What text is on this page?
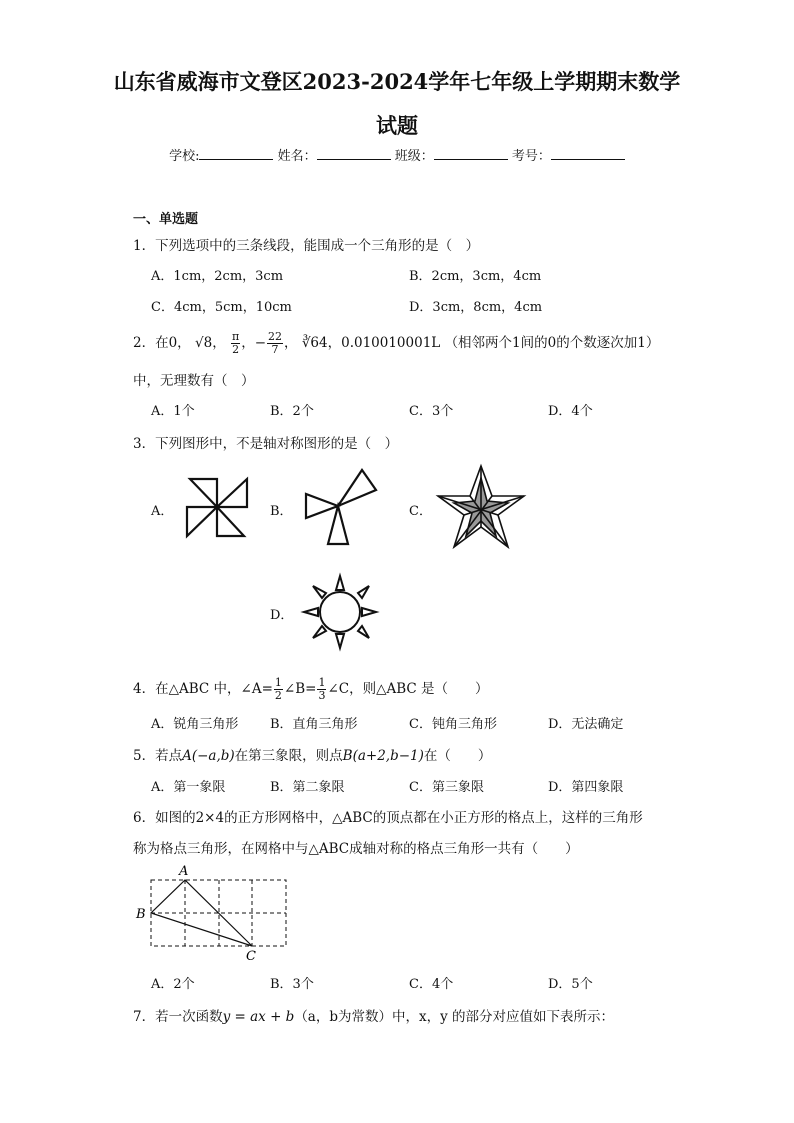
山东省威海市文登区2023-2024学年七年级上学期期末数学
试题
学校:	姓名：	班级：	考号：
一、单选题
1．下列选项中的三条线段，能围成一个三角形的是（　）
A．1cm，2cm，3cm	B．2cm，3cm，4cm
C．4cm，5cm，10cm	D．3cm，8cm，4cm
2．在0， √8， $\frac{\pi}{2}$ ，− $\frac{22}{7}$ ， ∛64，0.010010001L （相邻两个1间的0的个数逐次加1）
中，无理数有（　）
A．1个	B．2个	C．3个	D．4个
3．下列图形中，不是轴对称图形的是（　）
A．	B．	C．
D．
4．在△ABC 中，∠A= $\frac{1}{2}$ ∠B= $\frac{1}{3}$ ∠C，则△ABC 是（　　）
A．锐角三角形 B．直角三角形	C．钝角三角形	D．无法确定
5．若点A(−a,b)在第三象限，则点B(a+2,b−1)在（　　）
A．第一象限	B．第二象限	C．第三象限	D．第四象限
6．如图的2×4的正方形网格中，△ABC的顶点都在小正方形的格点上，这样的三角形
称为格点三角形，在网格中与△ABC成轴对称的格点三角形一共有（　　）
A
B
C
A．2个	B．3个	C．4个	D．5个
7．若一次函数y = ax + b（a，b为常数）中，x，y 的部分对应值如下表所示：
